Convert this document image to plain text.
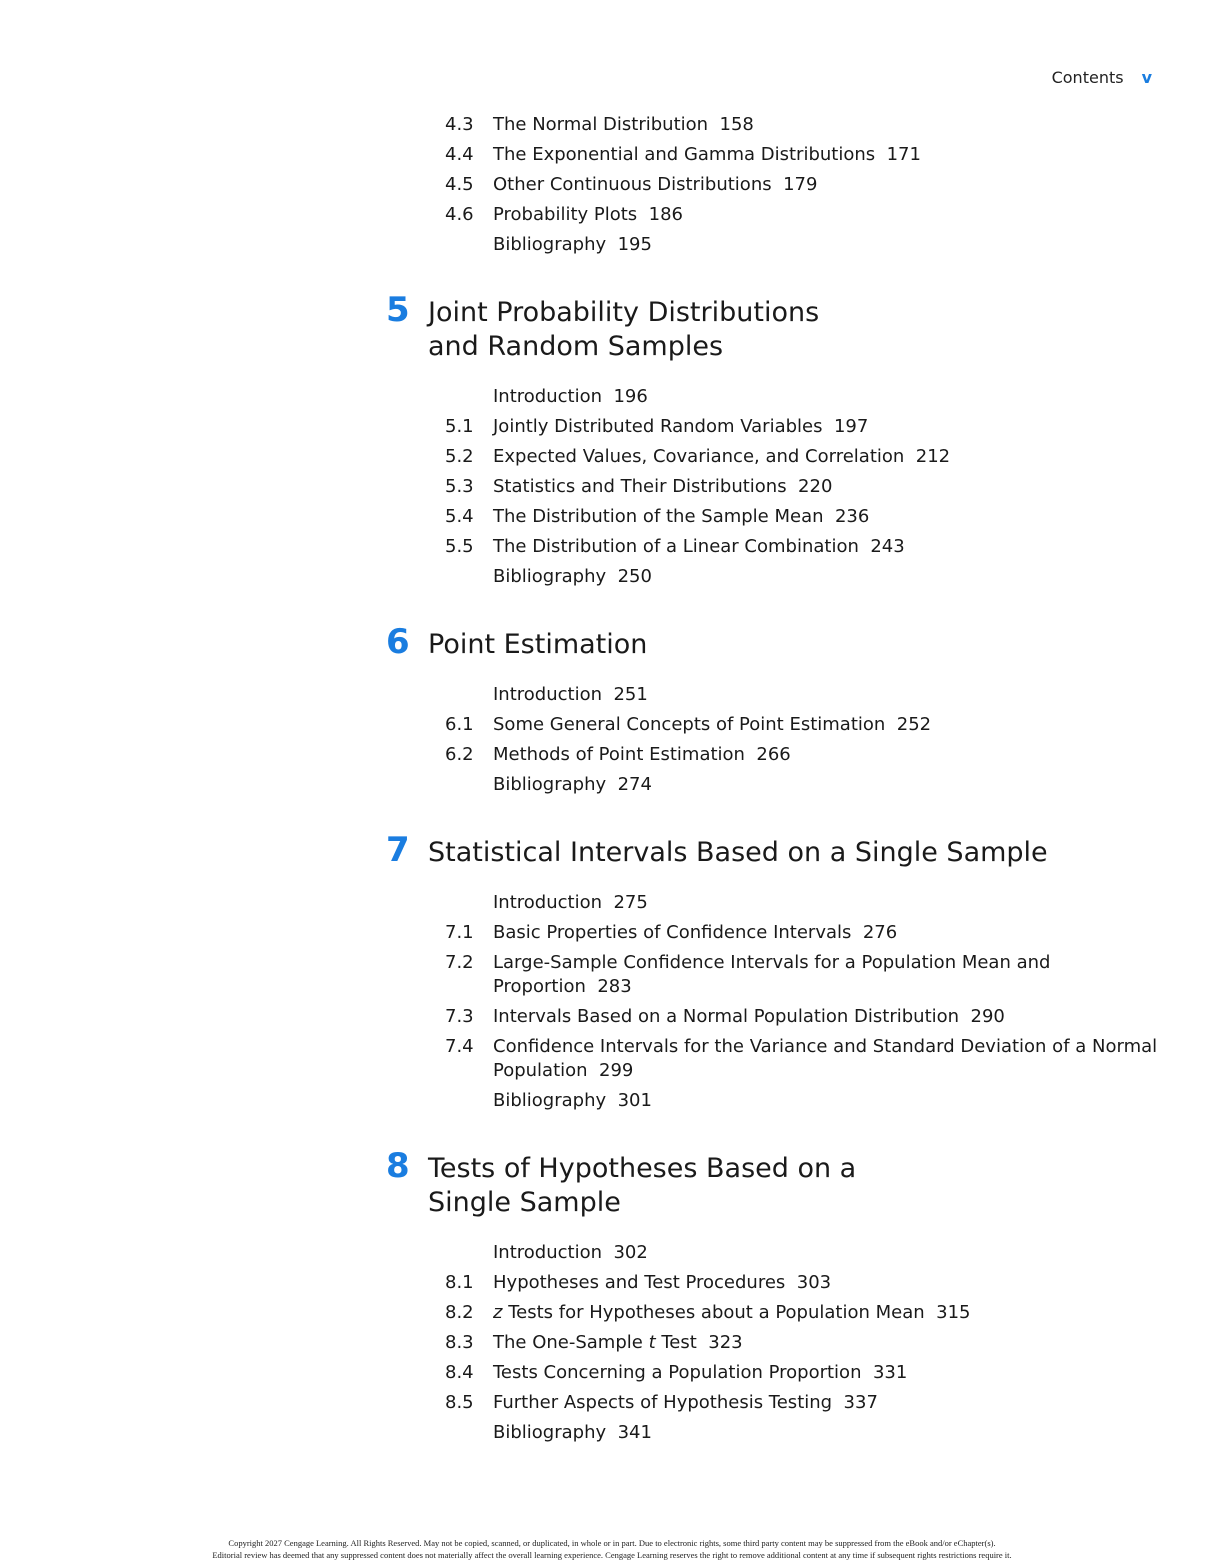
Contents v
4.3 The Normal Distribution 158
4.4 The Exponential and Gamma Distributions 171
4.5 Other Continuous Distributions 179
4.6 Probability Plots 186
Bibliography 195
5 Joint Probability Distributions
and Random Samples
Introduction 196
5.1 Jointly Distributed Random Variables 197
5.2 Expected Values, Covariance, and Correlation 212
5.3 Statistics and Their Distributions 220
5.4 The Distribution of the Sample Mean 236
5.5 The Distribution of a Linear Combination 243
Bibliography 250
6 Point Estimation
Introduction 251
6.1 Some General Concepts of Point Estimation 252
6.2 Methods of Point Estimation 266
Bibliography 274
7 Statistical Intervals Based on a Single Sample
Introduction 275
7.1 Basic Properties of Confidence Intervals 276
7.2 Large-Sample Confidence Intervals for a Population Mean and
Proportion 283
7.3 Intervals Based on a Normal Population Distribution 290
7.4 Confidence Intervals for the Variance and Standard Deviation of a Normal
Population 299
Bibliography 301
8 Tests of Hypotheses Based on a
Single Sample
Introduction 302
8.1 Hypotheses and Test Procedures 303
8.2 z Tests for Hypotheses about a Population Mean 315
8.3 The One-Sample t Test 323
8.4 Tests Concerning a Population Proportion 331
8.5 Further Aspects of Hypothesis Testing 337
Bibliography 341
Copyright 2027 Cengage Learning. All Rights Reserved. May not be copied, scanned, or duplicated, in whole or in part. Due to electronic rights, some third party content may be suppressed from the eBook and/or eChapter(s).
Editorial review has deemed that any suppressed content does not materially affect the overall learning experience. Cengage Learning reserves the right to remove additional content at any time if subsequent rights restrictions require it.
